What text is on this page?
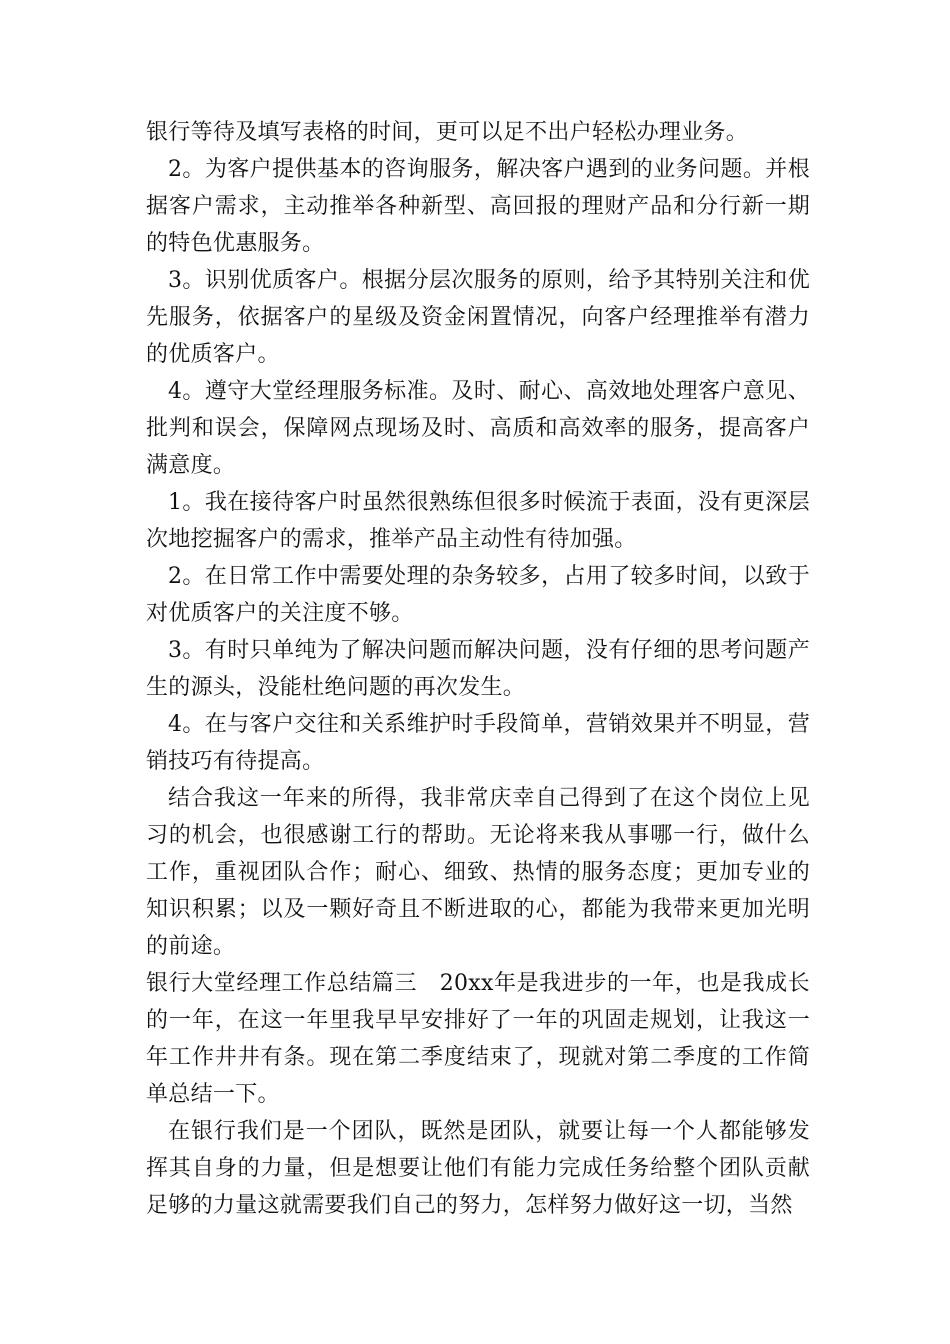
银行等待及填写表格的时间，更可以足不出户轻松办理业务。

2。为客户提供基本的咨询服务，解决客户遇到的业务问题。并根据客户需求，主动推举各种新型、高回报的理财产品和分行新一期的特色优惠服务。

3。识别优质客户。根据分层次服务的原则，给予其特别关注和优先服务，依据客户的星级及资金闲置情况，向客户经理推举有潜力的优质客户。

4。遵守大堂经理服务标准。及时、耐心、高效地处理客户意见、批判和误会，保障网点现场及时、高质和高效率的服务，提高客户满意度。

1。我在接待客户时虽然很熟练但很多时候流于表面，没有更深层次地挖掘客户的需求，推举产品主动性有待加强。

2。在日常工作中需要处理的杂务较多，占用了较多时间，以致于对优质客户的关注度不够。

3。有时只单纯为了解决问题而解决问题，没有仔细的思考问题产生的源头，没能杜绝问题的再次发生。

4。在与客户交往和关系维护时手段简单，营销效果并不明显，营销技巧有待提高。

结合我这一年来的所得，我非常庆幸自己得到了在这个岗位上见习的机会，也很感谢工行的帮助。无论将来我从事哪一行，做什么工作，重视团队合作；耐心、细致、热情的服务态度；更加专业的知识积累；以及一颗好奇且不断进取的心，都能为我带来更加光明的前途。

银行大堂经理工作总结篇三　20xx年是我进步的一年，也是我成长的一年，在这一年里我早早安排好了一年的巩固走规划，让我这一年工作井井有条。现在第二季度结束了，现就对第二季度的工作简单总结一下。

在银行我们是一个团队，既然是团队，就要让每一个人都能够发挥其自身的力量，但是想要让他们有能力完成任务给整个团队贡献足够的力量这就需要我们自己的努力，怎样努力做好这一切，当然
